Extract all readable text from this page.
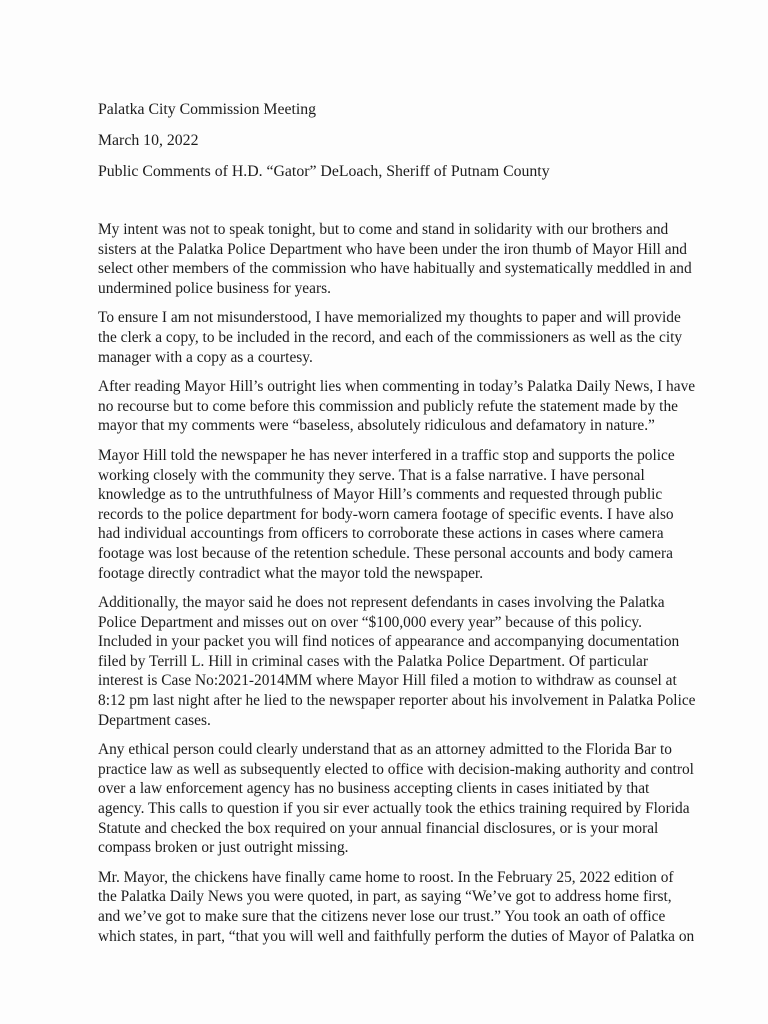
Palatka City Commission Meeting
March 10, 2022
Public Comments of H.D. “Gator” DeLoach, Sheriff of Putnam County
My intent was not to speak tonight, but to come and stand in solidarity with our brothers and
sisters at the Palatka Police Department who have been under the iron thumb of Mayor Hill and
select other members of the commission who have habitually and systematically meddled in and
undermined police business for years.
To ensure I am not misunderstood, I have memorialized my thoughts to paper and will provide
the clerk a copy, to be included in the record, and each of the commissioners as well as the city
manager with a copy as a courtesy.
After reading Mayor Hill’s outright lies when commenting in today’s Palatka Daily News, I have
no recourse but to come before this commission and publicly refute the statement made by the
mayor that my comments were “baseless, absolutely ridiculous and defamatory in nature.”
Mayor Hill told the newspaper he has never interfered in a traffic stop and supports the police
working closely with the community they serve. That is a false narrative. I have personal
knowledge as to the untruthfulness of Mayor Hill’s comments and requested through public
records to the police department for body-worn camera footage of specific events. I have also
had individual accountings from officers to corroborate these actions in cases where camera
footage was lost because of the retention schedule. These personal accounts and body camera
footage directly contradict what the mayor told the newspaper.
Additionally, the mayor said he does not represent defendants in cases involving the Palatka
Police Department and misses out on over “$100,000 every year” because of this policy.
Included in your packet you will find notices of appearance and accompanying documentation
filed by Terrill L. Hill in criminal cases with the Palatka Police Department. Of particular
interest is Case No:2021-2014MM where Mayor Hill filed a motion to withdraw as counsel at
8:12 pm last night after he lied to the newspaper reporter about his involvement in Palatka Police
Department cases.
Any ethical person could clearly understand that as an attorney admitted to the Florida Bar to
practice law as well as subsequently elected to office with decision-making authority and control
over a law enforcement agency has no business accepting clients in cases initiated by that
agency. This calls to question if you sir ever actually took the ethics training required by Florida
Statute and checked the box required on your annual financial disclosures, or is your moral
compass broken or just outright missing.
Mr. Mayor, the chickens have finally came home to roost. In the February 25, 2022 edition of
the Palatka Daily News you were quoted, in part, as saying “We’ve got to address home first,
and we’ve got to make sure that the citizens never lose our trust.” You took an oath of office
which states, in part, “that you will well and faithfully perform the duties of Mayor of Palatka on
